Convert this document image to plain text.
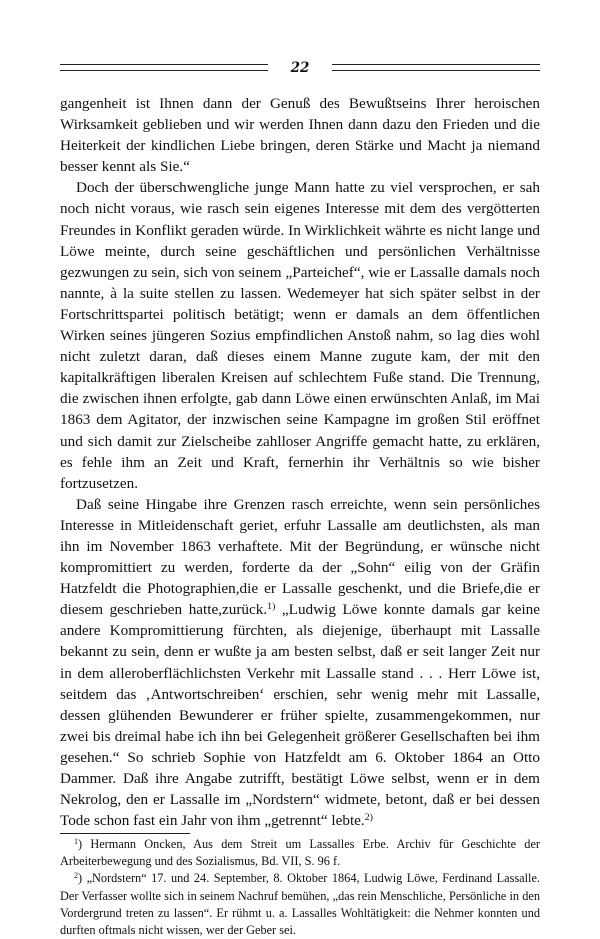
22

gangenheit ist Ihnen dann der Genuß des Bewußtseins Ihrer heroischen Wirksamkeit geblieben und wir werden Ihnen dann dazu den Frieden und die Heiterkeit der kindlichen Liebe bringen, deren Stärke und Macht ja niemand besser kennt als Sie.“

Doch der überschwengliche junge Mann hatte zu viel versprochen, er sah noch nicht voraus, wie rasch sein eigenes Interesse mit dem des vergötterten Freundes in Konflikt geraden würde. In Wirklichkeit währte es nicht lange und Löwe meinte, durch seine geschäftlichen und persönlichen Verhältnisse gezwungen zu sein, sich von seinem „Parteichef“, wie er Lassalle damals noch nannte, à la suite stellen zu lassen. Wedemeyer hat sich später selbst in der Fortschrittspartei politisch betätigt; wenn er damals an dem öffentlichen Wirken seines jüngeren Sozius empfindlichen Anstoß nahm, so lag dies wohl nicht zuletzt daran, daß dieses einem Manne zugute kam, der mit den kapitalkräftigen liberalen Kreisen auf schlechtem Fuße stand. Die Trennung, die zwischen ihnen erfolgte, gab dann Löwe einen erwünschten Anlaß, im Mai 1863 dem Agitator, der inzwischen seine Kampagne im großen Stil eröffnet und sich damit zur Zielscheibe zahlloser Angriffe gemacht hatte, zu erklären, es fehle ihm an Zeit und Kraft, fernerhin ihr Verhältnis so wie bisher fortzusetzen.

Daß seine Hingabe ihre Grenzen rasch erreichte, wenn sein persönliches Interesse in Mitleidenschaft geriet, erfuhr Lassalle am deutlichsten, als man ihn im November 1863 verhaftete. Mit der Begründung, er wünsche nicht kompromittiert zu werden, forderte da der „Sohn“ eilig von der Gräfin Hatzfeldt die Photographien,die er Lassalle geschenkt, und die Briefe,die er diesem geschrieben hatte,zurück.$^{1)}$ „Ludwig Löwe konnte damals gar keine andere Kompromittierung fürchten, als diejenige, überhaupt mit Lassalle bekannt zu sein, denn er wußte ja am besten selbst, daß er seit langer Zeit nur in dem alleroberflächlichsten Verkehr mit Lassalle stand . . . Herr Löwe ist, seitdem das ‚Antwortschreiben‘ erschien, sehr wenig mehr mit Lassalle, dessen glühenden Bewunderer er früher spielte, zusammengekommen, nur zwei bis dreimal habe ich ihn bei Gelegenheit größerer Gesellschaften bei ihm gesehen.“ So schrieb Sophie von Hatzfeldt am 6. Oktober 1864 an Otto Dammer. Daß ihre Angabe zutrifft, bestätigt Löwe selbst, wenn er in dem Nekrolog, den er Lassalle im „Nordstern“ widmete, betont, daß er bei dessen Tode schon fast ein Jahr von ihm „getrennt“ lebte.$^{2)}$

$^1$) Hermann Oncken, Aus dem Streit um Lassalles Erbe. Archiv für Geschichte der Arbeiterbewegung und des Sozialismus, Bd. VII, S. 96 f.

$^2$) „Nordstern“ 17. und 24. September, 8. Oktober 1864, Ludwig Löwe, Ferdinand Lassalle. Der Verfasser wollte sich in seinem Nachruf bemühen, „das rein Menschliche, Persönliche in den Vordergrund treten zu lassen“. Er rühmt u. a. Lassalles Wohltätigkeit: die Nehmer konnten und durften oftmals nicht wissen, wer der Geber sei.
